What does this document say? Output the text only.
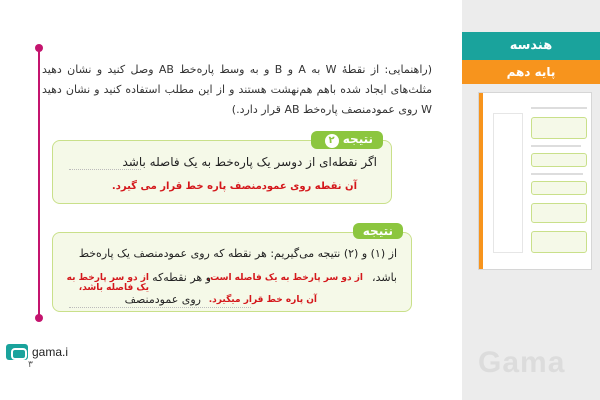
(راهنمایی: از نقطهٔ W به A و B و به وسط پاره‌خط AB وصل کنید و نشان دهید مثلث‌های ایجاد شده باهم هم‌نهشت هستند و از این مطلب استفاده کنید و نشان دهید W روی عمودمنصف پاره‌خط AB قرار دارد.)

نتیجه ۲
اگر نقطه‌ای از دوسر یک پاره‌خط به یک فاصله باشد
آن نقطه روی عمودمنصف پاره خط قرار می گیرد.
نتیجه
از (۱) و (۲) نتیجه می‌گیریم: هر نقطه که روی عمودمنصف یک پاره‌خط
باشد،
از دو سر پارخط به یک فاصله است.
و هر نقطه‌که
از دو سر پارخط به یک فاصله باشد،
روی عمودمنصف آن پاره خط قرار میگیرد.
gama.i
۳
هندسه
پایه دهم
Gama
